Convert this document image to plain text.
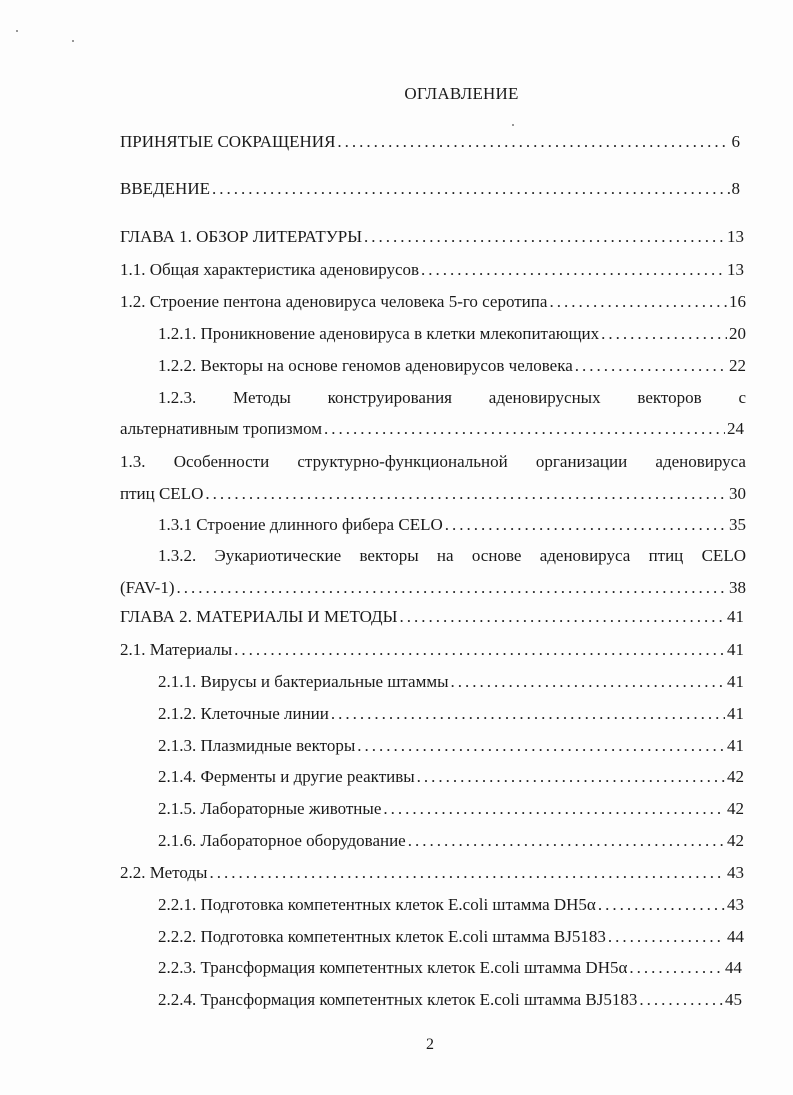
ОГЛАВЛЕНИЕ
ПРИНЯТЫЕ СОКРАЩЕНИЯ .....	6
ВВЕДЕНИЕ .....	8
ГЛАВА 1. ОБЗОР ЛИТЕРАТУРЫ .....	13
1.1. Общая характеристика аденовирусов .....	13
1.2. Строение пентона аденовируса человека 5-го серотипа .....	16
1.2.1. Проникновение аденовируса в клетки млекопитающих .....	20
1.2.2. Векторы на основе геномов аденовирусов человека .....	22
1.2.3. Методы конструирования аденовирусных векторов с
альтернативным тропизмом .....	24
1.3. Особенности структурно-функциональной организации аденовируса
птиц CELO .....	30
1.3.1 Строение длинного фибера CELO .....	35
1.3.2. Эукариотические векторы на основе аденовируса птиц CELO
(FAV-1) .....	38
ГЛАВА 2. МАТЕРИАЛЫ И МЕТОДЫ .....	41
2.1. Материалы .....	41
2.1.1. Вирусы и бактериальные штаммы .....	41
2.1.2. Клеточные линии .....	41
2.1.3. Плазмидные векторы .....	41
2.1.4. Ферменты и другие реактивы .....	42
2.1.5. Лабораторные животные .....	42
2.1.6. Лабораторное оборудование .....	42
2.2. Методы .....	43
2.2.1. Подготовка компетентных клеток E.coli штамма DH5α .....	43
2.2.2. Подготовка компетентных клеток E.coli штамма BJ5183 .....	44
2.2.3. Трансформация компетентных клеток E.coli штамма DH5α .....	44
2.2.4. Трансформация компетентных клеток E.coli штамма BJ5183 .....	45
2
